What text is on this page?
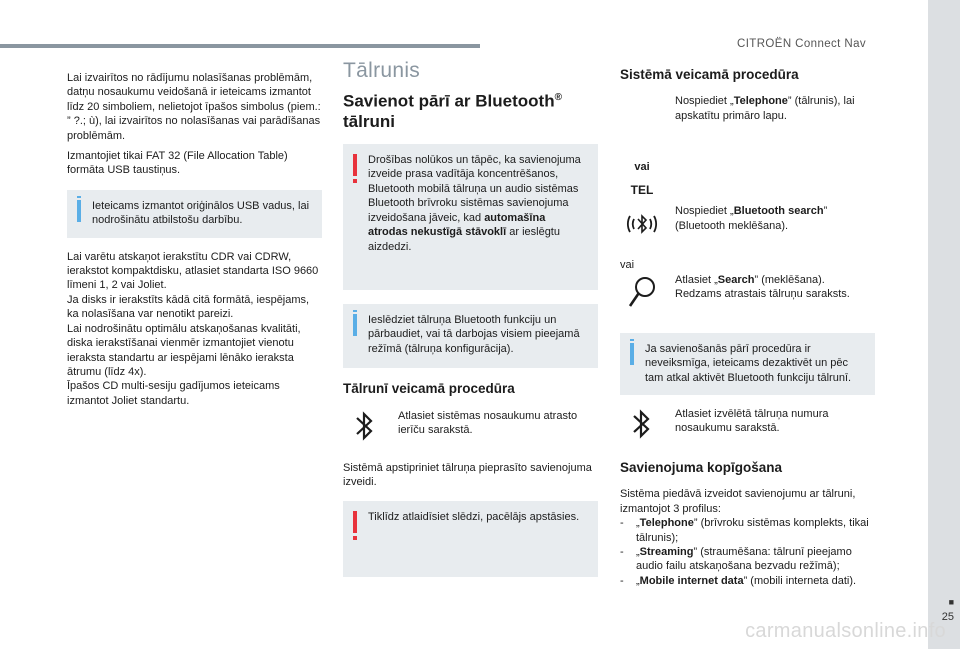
CITROËN Connect Nav
■
25
carmanualsonline.info

Lai izvairītos no rādījumu nolasīšanas problēmām, datņu nosaukumu veidošanā ir ieteicams izmantot līdz 20 simboliem, nelietojot īpašos simbolus (piem.: ” ?.; ù), lai izvairītos no nolasīšanas vai parādīšanas problēmām.

Izmantojiet tikai FAT 32 (File Allocation Table) formāta USB taustiņus.

Ieteicams izmantot oriģinālos USB vadus, lai nodrošinātu atbilstošu darbību.

Lai varētu atskaņot ierakstītu CDR vai CDRW, ierakstot kompaktdisku, atlasiet standarta ISO 9660 līmeni 1, 2 vai Joliet.

Ja disks ir ierakstīts kādā citā formātā, iespējams, ka nolasīšana var nenotikt pareizi.

Lai nodrošinātu optimālu atskaņošanas kvalitāti, diska ierakstīšanai vienmēr izmantojiet vienotu ieraksta standartu ar iespējami lēnāko ieraksta ātrumu (līdz 4x).

Īpašos CD multi-sesiju gadījumos ieteicams izmantot Joliet standartu.

Tālrunis
Savienot pārī ar Bluetooth®
tālruni

Drošības nolūkos un tāpēc, ka savienojuma izveide prasa vadītāja koncentrēšanos, Bluetooth mobilā tālruņa un audio sistēmas Bluetooth brīvroku sistēmas savienojuma izveidošana jāveic, kad automašīna atrodas nekustīgā stāvoklī ar ieslēgtu aizdedzi.

Ieslēdziet tālruņa Bluetooth funkciju un pārbaudiet, vai tā darbojas visiem pieejamā režīmā (tālruņa konfigurācija).

Tālrunī veicamā procedūra

Atlasiet sistēmas nosaukumu atrasto ierīču sarakstā.

Sistēmā apstipriniet tālruņa pieprasīto savienojuma izveidi.

Tiklīdz atlaidīsiet slēdzi, pacēlājs apstāsies.

Sistēmā veicamā procedūra
vai
TEL

Nospiediet „Telephone” (tālrunis), lai apskatītu primāro lapu.

Nospiediet „Bluetooth search” (Bluetooth meklēšana).

vai

Atlasiet „Search” (meklēšana).
Redzams atrastais tālruņu saraksts.

Ja savienošanās pārī procedūra ir neveiksmīga, ieteicams dezaktivēt un pēc tam atkal aktivēt Bluetooth funkciju tālrunī.

Atlasiet izvēlētā tālruņa numura nosaukumu sarakstā.

Savienojuma kopīgošana

Sistēma piedāvā izveidot savienojumu ar tālruni, izmantojot 3 profilus:

- „Telephone” (brīvroku sistēmas komplekts, tikai tālrunis);
- „Streaming” (straumēšana: tālrunī pieejamo audio failu atskaņošana bezvadu režīmā);
- „Mobile internet data” (mobili interneta dati).
